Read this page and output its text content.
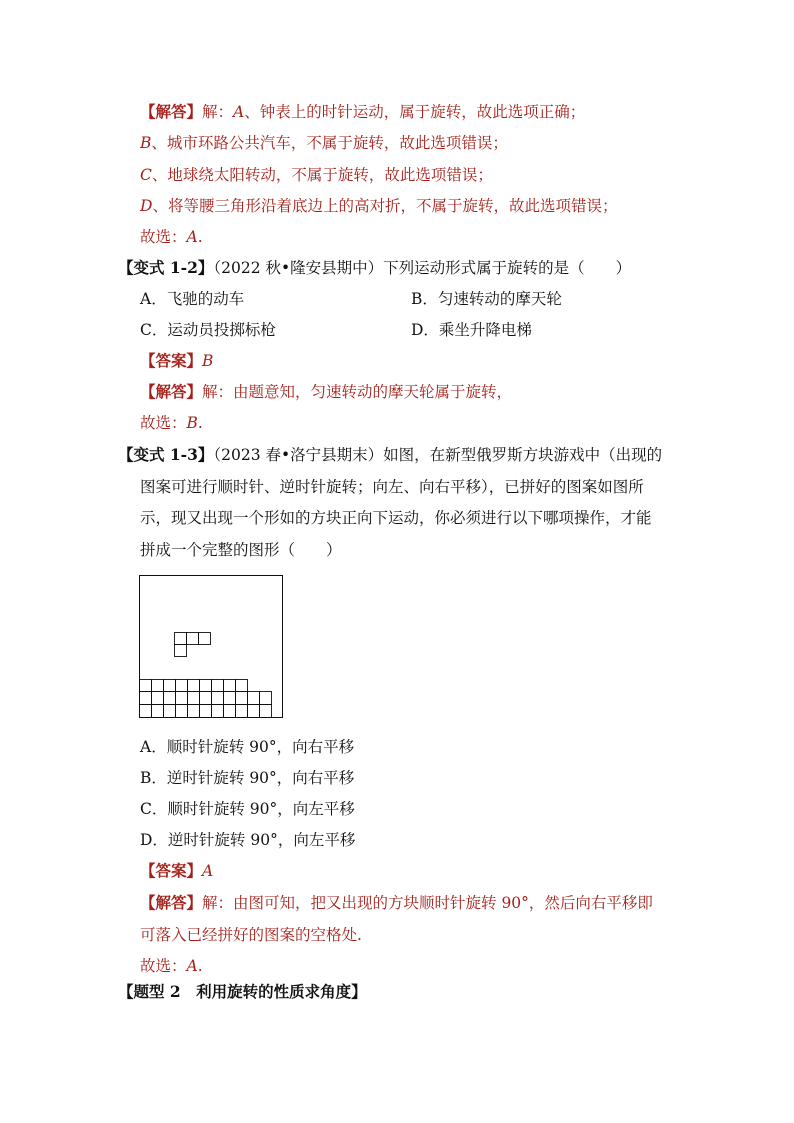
【解答】解：A、钟表上的时针运动，属于旋转，故此选项正确；
B、城市环路公共汽车，不属于旋转，故此选项错误；
C、地球绕太阳转动，不属于旋转，故此选项错误；
D、将等腰三角形沿着底边上的高对折，不属于旋转，故此选项错误；
故选：A.
【变式 1-2】（2022 秋•隆安县期中）下列运动形式属于旋转的是（　　）
A．飞驰的动车	B．匀速转动的摩天轮
C．运动员投掷标枪	D．乘坐升降电梯
【答案】B
【解答】解：由题意知，匀速转动的摩天轮属于旋转，
故选：B.
【变式 1-3】（2023 春•洛宁县期末）如图，在新型俄罗斯方块游戏中（出现的
图案可进行顺时针、逆时针旋转；向左、向右平移），已拼好的图案如图所
示，现又出现一个形如的方块正向下运动，你必须进行以下哪项操作，才能
拼成一个完整的图形（　　）
A．顺时针旋转 90°，向右平移
B．逆时针旋转 90°，向右平移
C．顺时针旋转 90°，向左平移
D．逆时针旋转 90°，向左平移
【答案】A
【解答】解：由图可知，把又出现的方块顺时针旋转 90°，然后向右平移即
可落入已经拼好的图案的空格处.
故选：A.
【题型 2　利用旋转的性质求角度】
